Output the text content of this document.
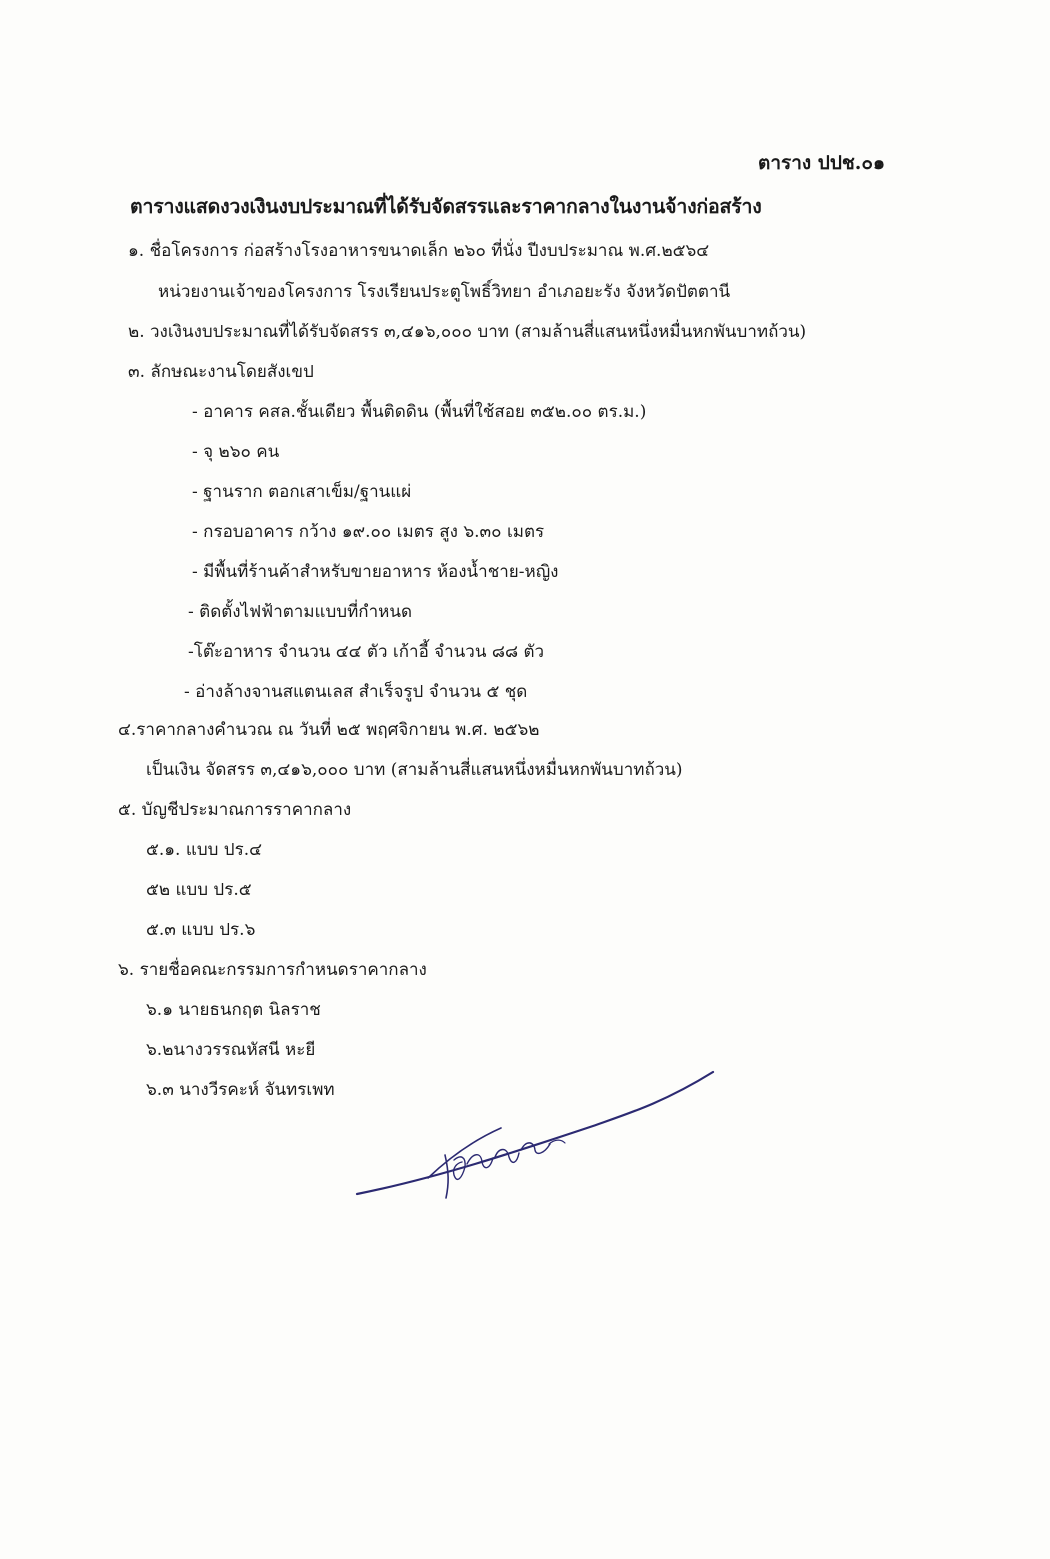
ตาราง ปปช.๐๑
ตารางแสดงวงเงินงบประมาณที่ได้รับจัดสรรและราคากลางในงานจ้างก่อสร้าง
๑. ชื่อโครงการ ก่อสร้างโรงอาหารขนาดเล็ก ๒๖๐ ที่นั่ง ปีงบประมาณ พ.ศ.๒๕๖๔
หน่วยงานเจ้าของโครงการ โรงเรียนประตูโพธิ์วิทยา อำเภอยะรัง จังหวัดปัตตานี
๒. วงเงินงบประมาณที่ได้รับจัดสรร ๓,๔๑๖,๐๐๐ บาท (สามล้านสี่แสนหนึ่งหมื่นหกพันบาทถ้วน)
๓. ลักษณะงานโดยสังเขป
- อาคาร คสล.ชั้นเดียว พื้นติดดิน (พื้นที่ใช้สอย ๓๕๒.๐๐ ตร.ม.)
- จุ ๒๖๐ คน
- ฐานราก ตอกเสาเข็ม/ฐานแผ่
- กรอบอาคาร กว้าง ๑๙.๐๐ เมตร สูง ๖.๓๐ เมตร
- มีพื้นที่ร้านค้าสำหรับขายอาหาร ห้องน้ำชาย-หญิง
- ติดตั้งไฟฟ้าตามแบบที่กำหนด
-โต๊ะอาหาร จำนวน ๔๔ ตัว เก้าอี้ จำนวน ๘๘ ตัว
- อ่างล้างจานสแตนเลส สำเร็จรูป จำนวน ๕ ชุด
๔.ราคากลางคำนวณ ณ วันที่ ๒๕ พฤศจิกายน พ.ศ. ๒๕๖๒
เป็นเงิน จัดสรร ๓,๔๑๖,๐๐๐ บาท (สามล้านสี่แสนหนึ่งหมื่นหกพันบาทถ้วน)
๕. บัญชีประมาณการราคากลาง
๕.๑. แบบ ปร.๔
๕๒ แบบ ปร.๕
๕.๓ แบบ ปร.๖
๖. รายชื่อคณะกรรมการกำหนดราคากลาง
๖.๑ นายธนกฤต นิลราช
๖.๒นางวรรณหัสนี หะยี
๖.๓ นางวีรคะห์ จันทรเพท
